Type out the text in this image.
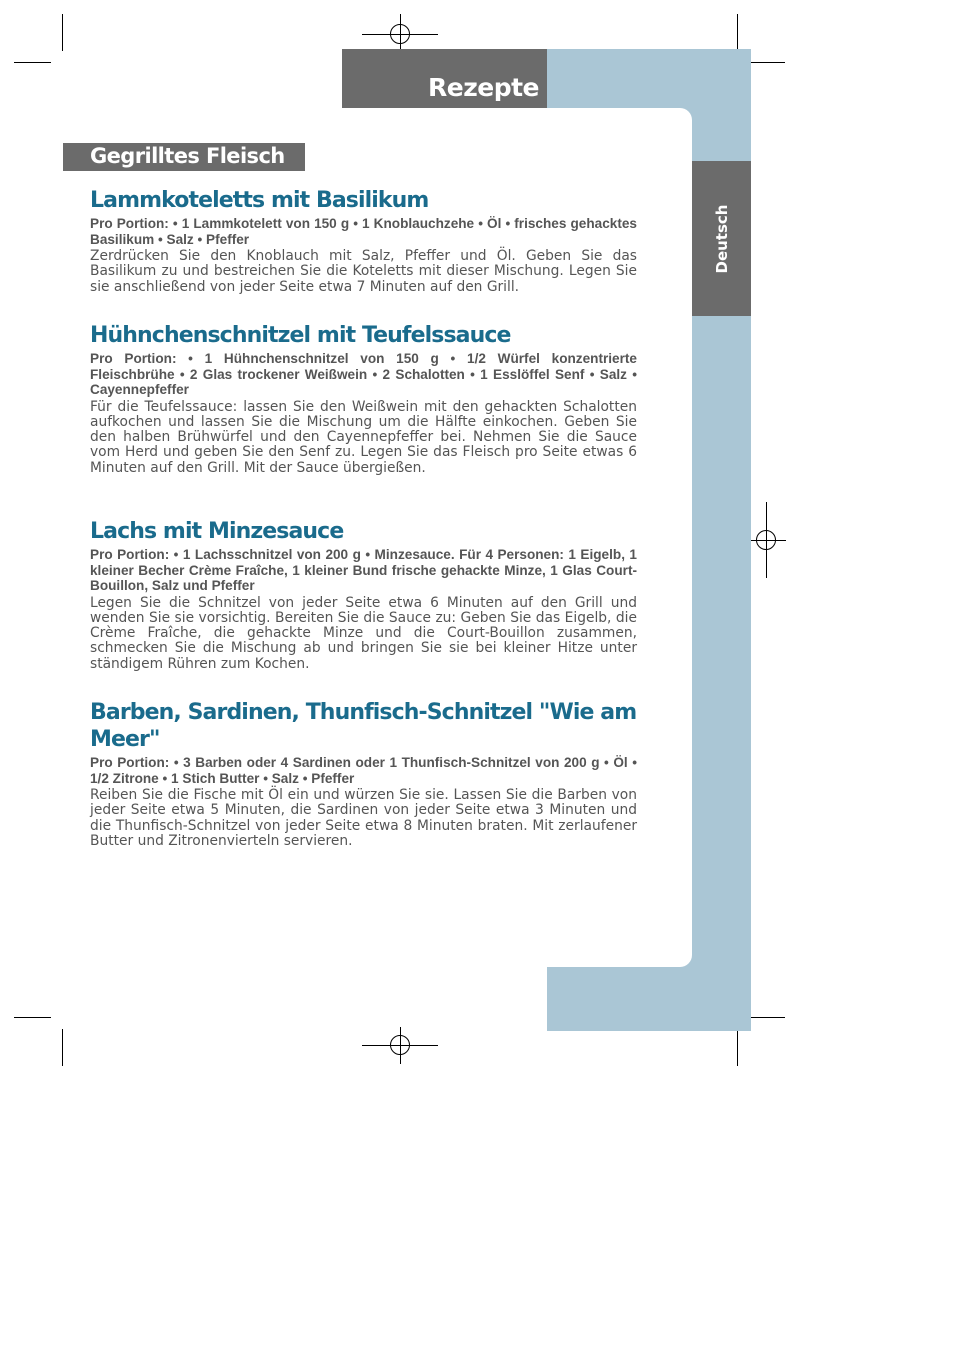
Rezepte
Deutsch
Gegrilltes Fleisch
Lammkoteletts mit Basilikum

Pro Portion: • 1 Lammkotelett von 150 g • 1 Knoblauchzehe • Öl • frisches gehacktes Basilikum • Salz • Pfeffer

Zerdrücken Sie den Knoblauch mit Salz, Pfeffer und Öl. Geben Sie das Basilikum zu und bestreichen Sie die Koteletts mit dieser Mischung. Legen Sie sie anschließend von jeder Seite etwa 7 Minuten auf den Grill.

Hühnchenschnitzel mit Teufelssauce

Pro Portion: • 1 Hühnchenschnitzel von 150 g • 1/2 Würfel konzentrierte Fleischbrühe • 2 Glas trockener Weißwein • 2 Schalotten • 1 Esslöffel Senf • Salz • Cayennepfeffer

Für die Teufelssauce: lassen Sie den Weißwein mit den gehackten Schalotten aufkochen und lassen Sie die Mischung um die Hälfte einkochen. Geben Sie den halben Brühwürfel und den Cayennepfeffer bei. Nehmen Sie die Sauce vom Herd und geben Sie den Senf zu. Legen Sie das Fleisch pro Seite etwas 6 Minuten auf den Grill. Mit der Sauce übergießen.

Lachs mit Minzesauce

Pro Portion: • 1 Lachsschnitzel von 200 g • Minzesauce. Für 4 Personen: 1 Eigelb, 1 kleiner Becher Crème Fraîche, 1 kleiner Bund frische gehackte Minze, 1 Glas Court-Bouillon, Salz und Pfeffer

Legen Sie die Schnitzel von jeder Seite etwa 6 Minuten auf den Grill und wenden Sie sie vorsichtig. Bereiten Sie die Sauce zu: Geben Sie das Eigelb, die Crème Fraîche, die gehackte Minze und die Court-Bouillon zusammen, schmecken Sie die Mischung ab und bringen Sie sie bei kleiner Hitze unter ständigem Rühren zum Kochen.

Barben, Sardinen, Thunfisch-Schnitzel "Wie am Meer"

Pro Portion: • 3 Barben oder 4 Sardinen oder 1 Thunfisch-Schnitzel von 200 g • Öl • 1/2 Zitrone • 1 Stich Butter • Salz • Pfeffer

Reiben Sie die Fische mit Öl ein und würzen Sie sie. Lassen Sie die Barben von jeder Seite etwa 5 Minuten, die Sardinen von jeder Seite etwa 3 Minuten und die Thunfisch-Schnitzel von jeder Seite etwa 8 Minuten braten. Mit zerlaufener Butter und Zitronenvierteln servieren.
